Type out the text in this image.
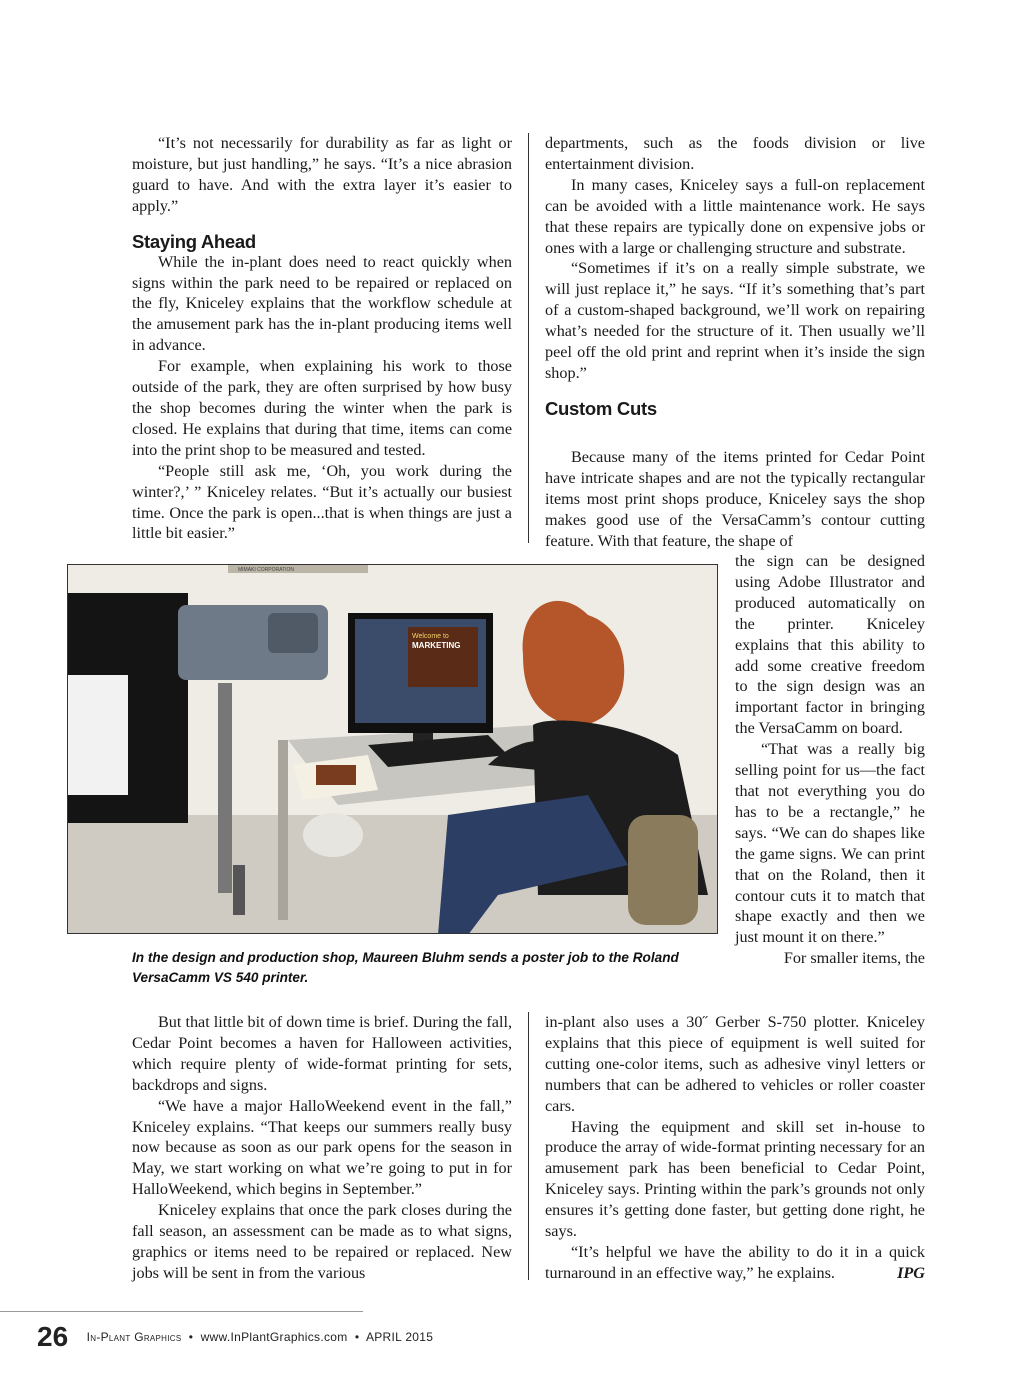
“It’s not necessarily for durability as far as light or moisture, but just handling,” he says. “It’s a nice abrasion guard to have. And with the extra layer it’s easier to apply.”

Staying Ahead

While the in-plant does need to react quickly when signs within the park need to be repaired or replaced on the fly, Kniceley explains that the workflow schedule at the amusement park has the in-plant producing items well in advance.

For example, when explaining his work to those outside of the park, they are often surprised by how busy the shop becomes during the winter when the park is closed. He explains that during that time, items can come into the print shop to be measured and tested.

“People still ask me, ‘Oh, you work during the winter?,’ ” Kniceley relates. “But it’s actually our busiest time. Once the park is open...that is when things are just a little bit easier.”

departments, such as the foods division or live entertainment division.

In many cases, Kniceley says a full-on replacement can be avoided with a little maintenance work. He says that these repairs are typically done on expensive jobs or ones with a large or challenging structure and substrate.

“Sometimes if it’s on a really simple substrate, we will just replace it,” he says. “If it’s something that’s part of a custom-shaped background, we’ll work on repairing what’s needed for the structure of it. Then usually we’ll peel off the old print and reprint when it’s inside the sign shop.”

Custom Cuts

Because many of the items printed for Cedar Point have intricate shapes and are not the typically rectangular items most print shops produce, Kniceley says the shop makes good use of the VersaCamm’s contour cutting feature. With that feature, the shape of

Welcome to
MARKETING
MIMAKI CORPORATION
In the design and production shop, Maureen Bluhm sends a poster job to the Roland VersaCamm VS 540 printer.

the sign can be designed using Adobe Illustrator and produced automatically on the printer. Kniceley explains that this ability to add some creative freedom to the sign design was an important factor in bringing the VersaCamm on board.

“That was a really big selling point for us—the fact that not everything you do has to be a rectangle,” he says. “We can do shapes like the game signs. We can print that on the Roland, then it contour cuts it to match that shape exactly and then we just mount it on there.”

For smaller items, the

in-plant also uses a 30˝ Gerber S-750 plotter. Kniceley explains that this piece of equipment is well suited for cutting one-color items, such as adhesive vinyl letters or numbers that can be adhered to vehicles or roller coaster cars.

Having the equipment and skill set in-house to produce the array of wide-format printing necessary for an amusement park has been beneficial to Cedar Point, Kniceley says. Printing within the park’s grounds not only ensures it’s getting done faster, but getting done right, he says.

“It’s helpful we have the ability to do it in a quick turnaround in an effective way,” he explains.	IPG

But that little bit of down time is brief. During the fall, Cedar Point becomes a haven for Halloween activities, which require plenty of wide-format printing for sets, backdrops and signs.

“We have a major HalloWeekend event in the fall,” Kniceley explains. “That keeps our summers really busy now because as soon as our park opens for the season in May, we start working on what we’re going to put in for HalloWeekend, which begins in September.”

Kniceley explains that once the park closes during the fall season, an assessment can be made as to what signs, graphics or items need to be repaired or replaced. New jobs will be sent in from the various

26 In-Plant Graphics • www.InPlantGraphics.com • APRIL 2015
